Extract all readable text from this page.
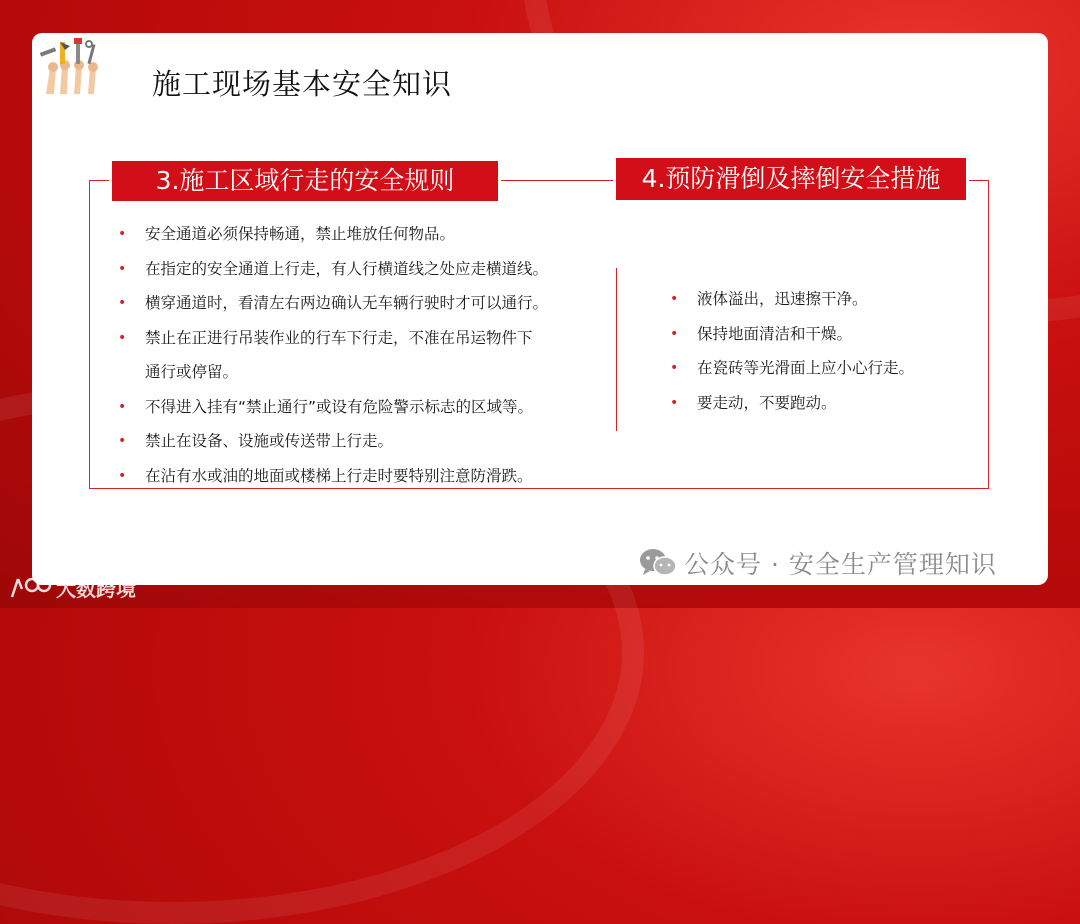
施工现场基本安全知识
3.施工区域行走的安全规则	4.预防滑倒及摔倒安全措施
• 安全通道必须保持畅通，禁止堆放任何物品。
• 在指定的安全通道上行走，有人行横道线之处应走横道线。
• 横穿通道时，看清左右两边确认无车辆行驶时才可以通行。
• 禁止在正进行吊装作业的行车下行走，不准在吊运物件下
通行或停留。
• 不得进入挂有“禁止通行”或设有危险警示标志的区域等。
• 禁止在设备、设施或传送带上行走。
• 在沾有水或油的地面或楼梯上行走时要特别注意防滑跌。
• 液体溢出，迅速擦干净。
• 保持地面清洁和干燥。
• 在瓷砖等光滑面上应小心行走。
• 要走动，不要跑动。
公众号 · 安全生产管理知识
大数跨境
